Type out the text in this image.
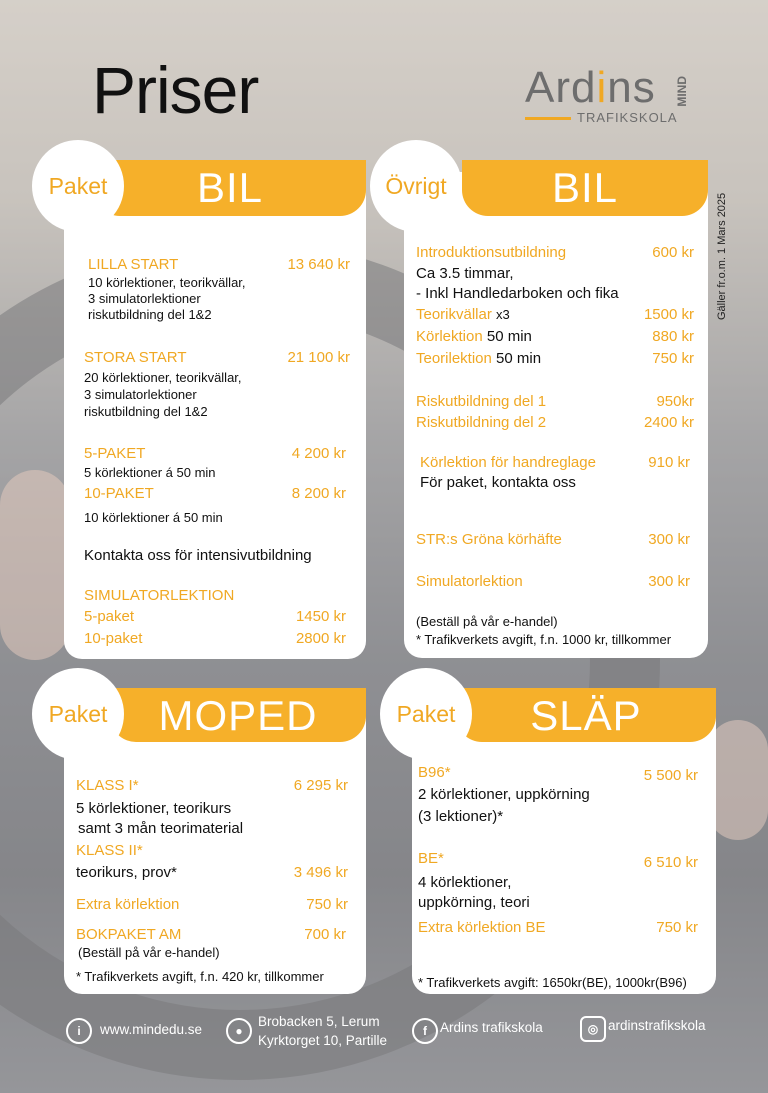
Priser	Ardins
TRAFIKSKOLA
MIND
Gäller fr.o.m. 1 Mars 2025
BIL
Paket
LILLA START	13 640 kr
10 körlektioner, teorikvällar,
3 simulatorlektioner
riskutbildning del 1&2
STORA START	21 100 kr
20 körlektioner, teorikvällar,
3 simulatorlektioner
riskutbildning del 1&2
5-PAKET	4 200 kr
5 körlektioner á 50 min
10-PAKET	8 200 kr
10 körlektioner á 50 min
Kontakta oss för intensivutbildning
SIMULATORLEKTION
5-paket	1450 kr
10-paket	2800 kr
BIL
Övrigt
Introduktionsutbildning	600 kr
Ca 3.5 timmar,
- Inkl Handledarboken och fika
Teorikvällar x3	1500 kr
Körlektion 50 min	880 kr
Teorilektion 50 min	750 kr
Riskutbildning del 1	950kr
Riskutbildning del 2	2400 kr
Körlektion för handreglage	910 kr
För paket, kontakta oss
STR:s Gröna körhäfte	300 kr
Simulatorlektion	300 kr
(Beställ på vår e-handel)
* Trafikverkets avgift, f.n. 1000 kr, tillkommer
MOPED
Paket
KLASS I*	6 295 kr
5 körlektioner, teorikurs
samt 3 mån teorimaterial
KLASS II*
teorikurs, prov*	3 496 kr
Extra körlektion	750 kr
BOKPAKET AM	700 kr
(Beställ på vår e-handel)
* Trafikverkets avgift, f.n. 420 kr, tillkommer
SLÄP
Paket
B96*	5 500 kr
2 körlektioner, uppkörning
(3 lektioner)*
BE*	6 510 kr
4 körlektioner,
uppkörning, teori
Extra körlektion BE	750 kr
* Trafikverkets avgift: 1650kr(BE), 1000kr(B96)
i	www.mindedu.se	●
Brobacken 5, Lerum
Kyrktorget 10, Partille
f Ardins trafikskola	◎ ardinstrafikskola
